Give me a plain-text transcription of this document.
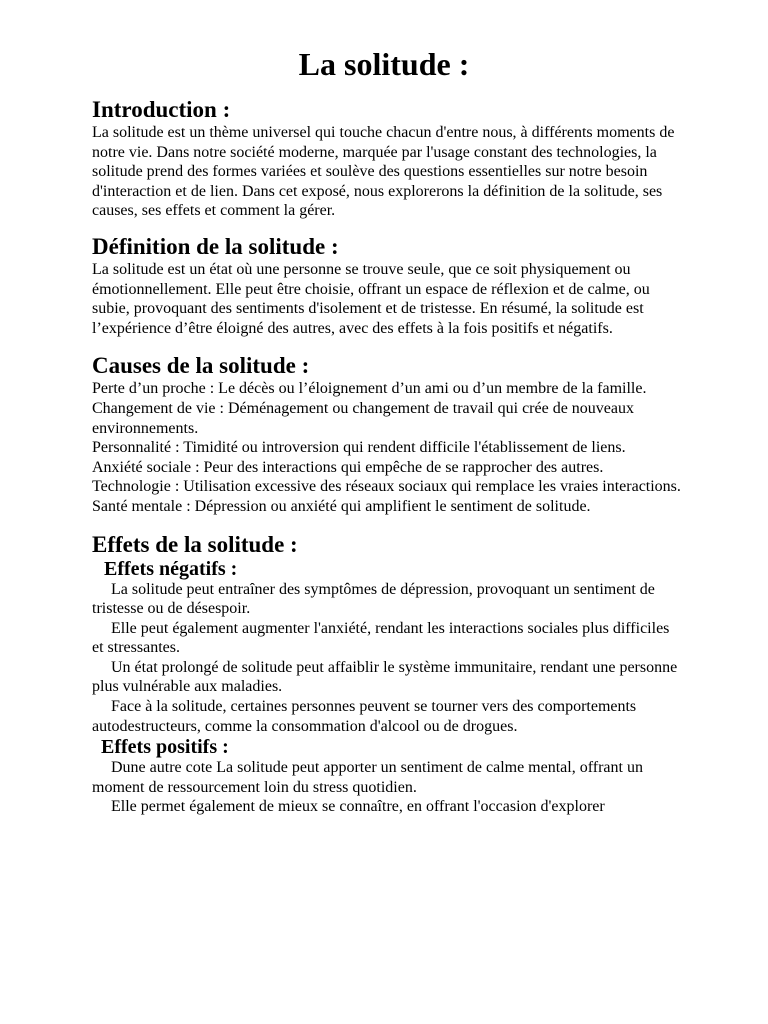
La solitude :
Introduction :

La solitude est un thème universel qui touche chacun d'entre nous, à différents moments de notre vie. Dans notre société moderne, marquée par l'usage constant des technologies, la solitude prend des formes variées et soulève des questions essentielles sur notre besoin d'interaction et de lien. Dans cet exposé, nous explorerons la définition de la solitude, ses causes, ses effets et comment la gérer.

Définition de la solitude :

La solitude est un état où une personne se trouve seule, que ce soit physiquement ou émotionnellement. Elle peut être choisie, offrant un espace de réflexion et de calme, ou subie, provoquant des sentiments d'isolement et de tristesse. En résumé, la solitude est l’expérience d’être éloigné des autres, avec des effets à la fois positifs et négatifs.

Causes de la solitude :

Perte d’un proche : Le décès ou l’éloignement d’un ami ou d’un membre de la famille.

Changement de vie : Déménagement ou changement de travail qui crée de nouveaux environnements.

Personnalité : Timidité ou introversion qui rendent difficile l'établissement de liens.

Anxiété sociale : Peur des interactions qui empêche de se rapprocher des autres.

Technologie : Utilisation excessive des réseaux sociaux qui remplace les vraies interactions.

Santé mentale : Dépression ou anxiété qui amplifient le sentiment de solitude.

Effets de la solitude :
Effets négatifs :

La solitude peut entraîner des symptômes de dépression, provoquant un sentiment de tristesse ou de désespoir.

Elle peut également augmenter l'anxiété, rendant les interactions sociales plus difficiles et stressantes.

Un état prolongé de solitude peut affaiblir le système immunitaire, rendant une personne plus vulnérable aux maladies.

Face à la solitude, certaines personnes peuvent se tourner vers des comportements autodestructeurs, comme la consommation d'alcool ou de drogues.

Effets positifs :

Dune autre cote La solitude peut apporter un sentiment de calme mental, offrant un moment de ressourcement loin du stress quotidien.

Elle permet également de mieux se connaître, en offrant l'occasion d'explorer
